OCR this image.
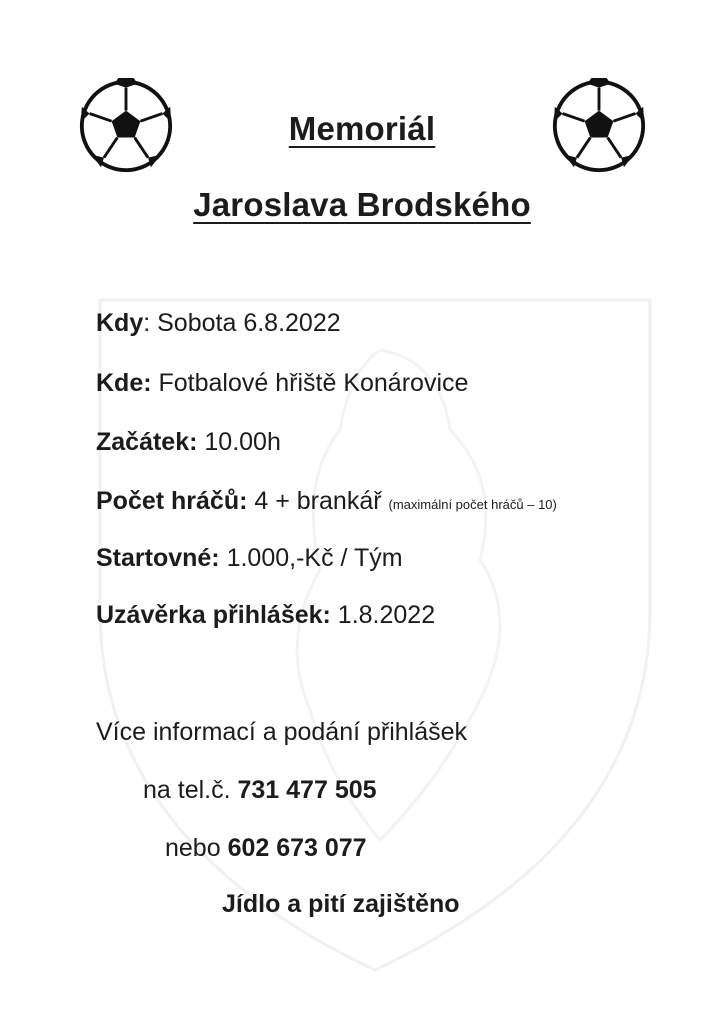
Memoriál
Jaroslava Brodského
Kdy: Sobota 6.8.2022
Kde: Fotbalové hřiště Konárovice
Začátek: 10.00h
Počet hráčů: 4 + brankář (maximální počet hráčů – 10)
Startovné: 1.000,-Kč / Tým
Uzávěrka přihlášek: 1.8.2022
Více informací a podání přihlášek
na tel.č. 731 477 505
nebo 602 673 077
Jídlo a pití zajištěno
